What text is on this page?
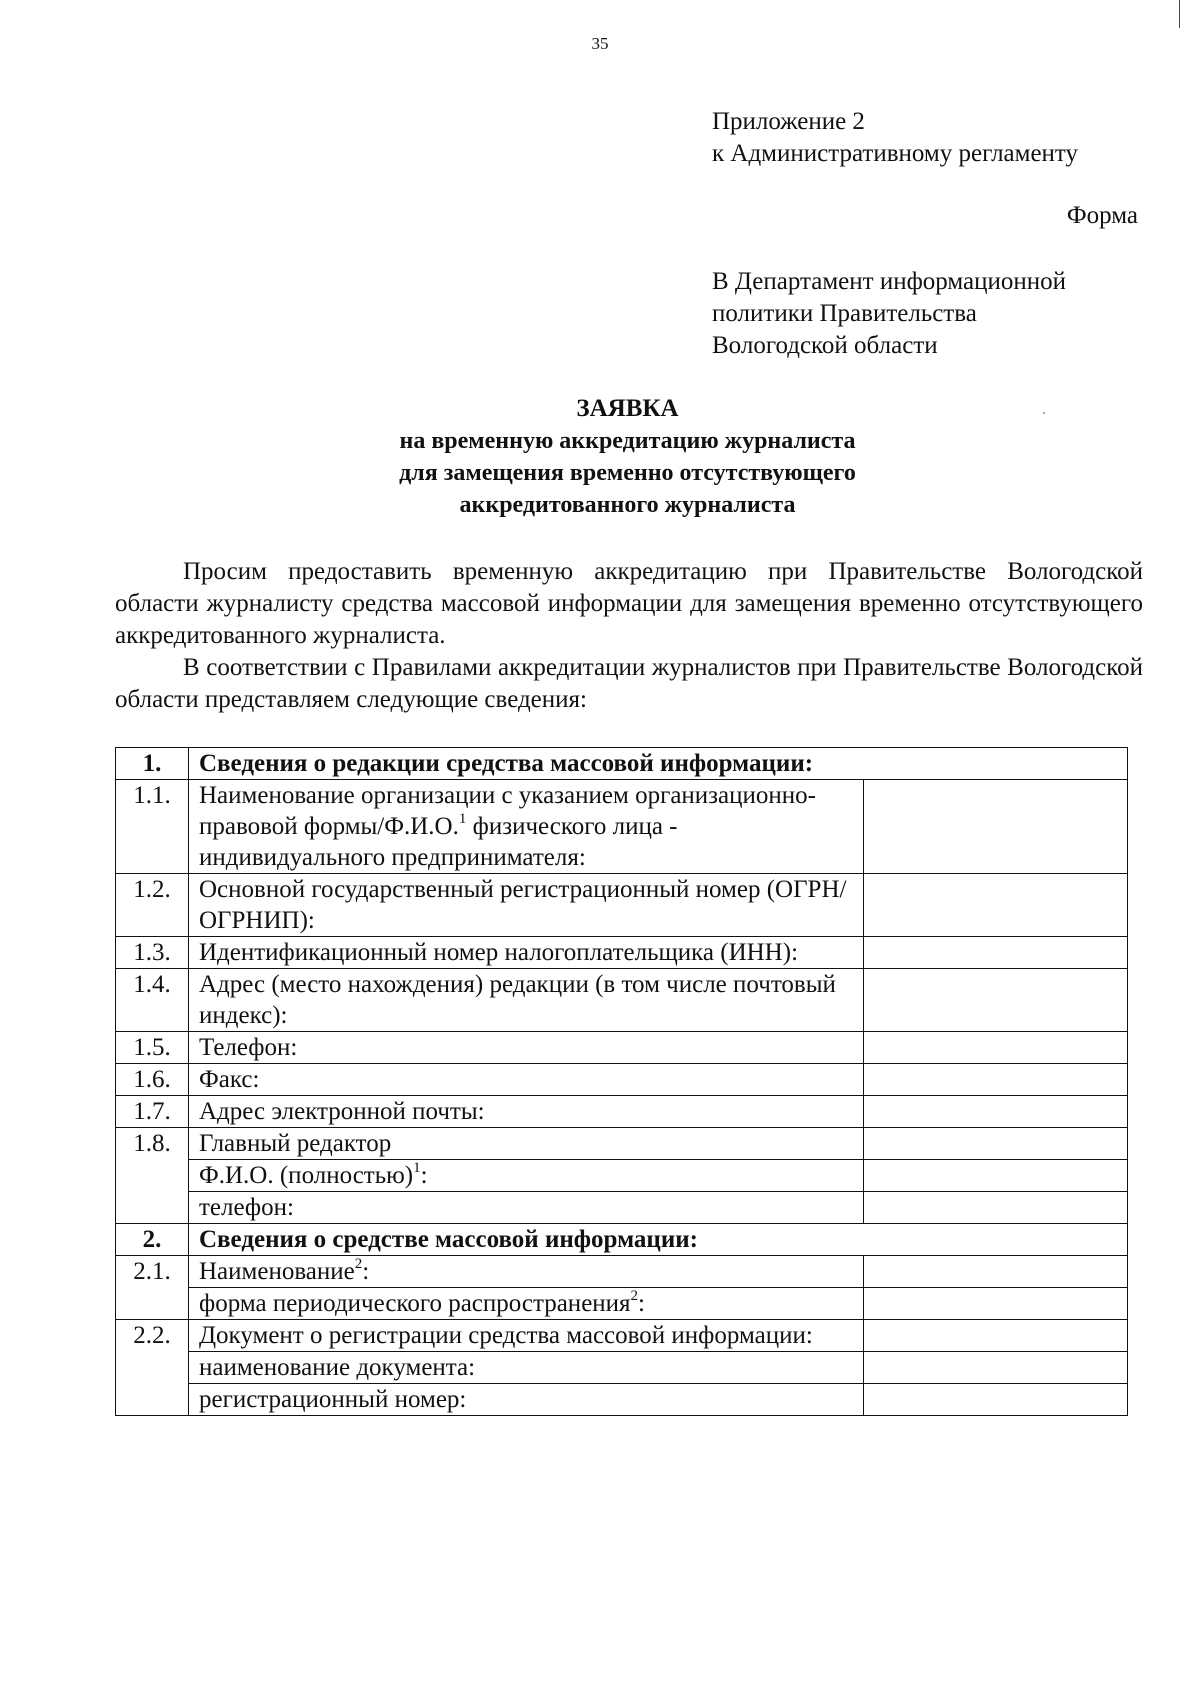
35
Приложение 2
к Административному регламенту
Форма
В Департамент информационной
политики Правительства
Вологодской области
ЗАЯВКА
на временную аккредитацию журналиста
для замещения временно отсутствующего
аккредитованного журналиста

Просим предоставить временную аккредитацию при Правительстве Вологодской области журналисту средства массовой информации для замещения временно отсутствующего аккредитованного журналиста.

В соответствии с Правилами аккредитации журналистов при Правительстве Вологодской области представляем следующие сведения:

1.	Сведения о редакции средства массовой информации:	
1.1.	Наименование организации с указанием организационно-правовой формы/Ф.И.О.$^1$ физического лица - индивидуального предпринимателя:	
1.2.	Основной государственный регистрационный номер (ОГРН/ОГРНИП):	
1.3.	Идентификационный номер налогоплательщика (ИНН):	
1.4.	Адрес (место нахождения) редакции (в том числе почтовый индекс):	
1.5.	Телефон:	
1.6.	Факс:	
1.7.	Адрес электронной почты:	
1.8.	Главный редактор	
	Ф.И.О. (полностью)$^1$:	
	телефон:	
2.	Сведения о средстве массовой информации:	
2.1.	Наименование$^2$:	
	форма периодического распространения$^2$:	
2.2.	Документ о регистрации средства массовой информации:	
	наименование документа:	
	регистрационный номер:	
